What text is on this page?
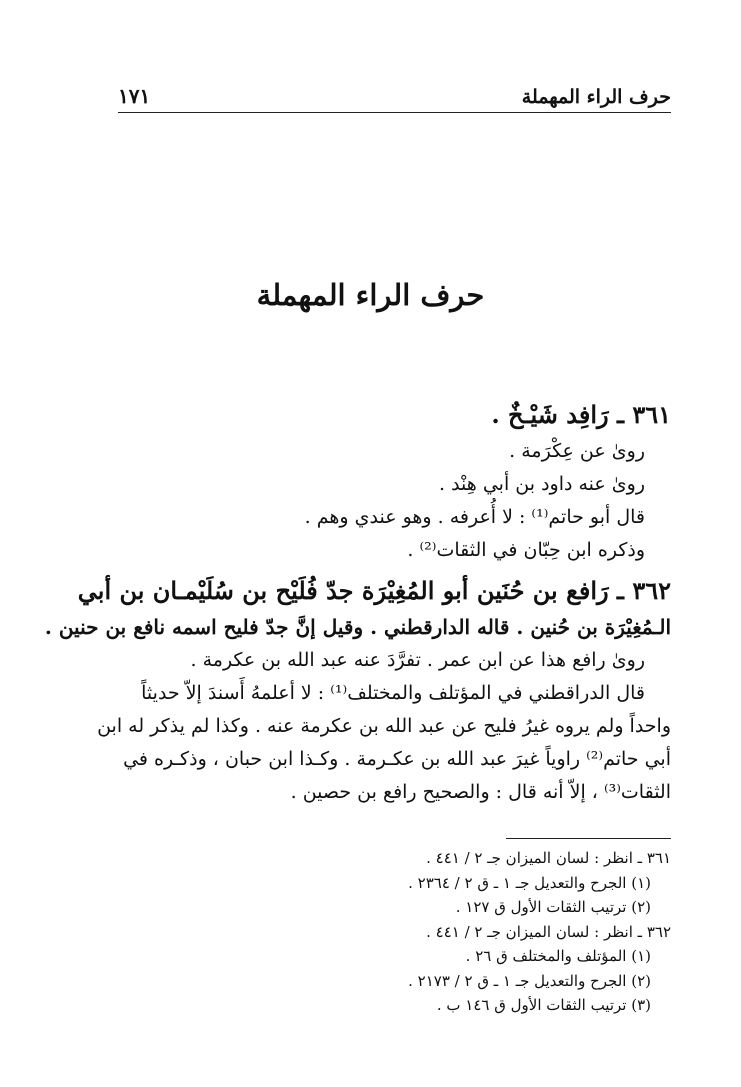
١٧١	حرف الراء المهملة
حرف الراء المهملة
٣٦١ ـ رَافِد شَيْـخٌ .
روىٰ عن عِكْرَمة .
روىٰ عنه داود بن أبي هِنْد .
قال أبو حاتم⁽¹⁾ : لا أُعرفه . وهو عندي وهم .
وذكره ابن حِبّان في الثقات⁽²⁾ .
٣٦٢ ـ رَافع بن حُنَين أبو المُغِيْرَة جدّ فُلَيْح بن سُلَيْمـان بن أبي
الـمُغِيْرَة بن حُنين . قاله الدارقطني . وقيل إنَّ جدّ فليح اسمه نافع بن حنين .
روىٰ رافع هذا عن ابن عمر . تفرَّدَ عنه عبد الله بن عكرمة .
قال الدراقطني في المؤتلف والمختلف⁽¹⁾ : لا أعلمهُ أَسندَ إلاّ حديثاً
واحداً ولم يروه غيرُ فليح عن عبد الله بن عكرمة عنه . وكذا لم يذكر له ابن
أبي حاتم⁽²⁾ راوياً غيرَ عبد الله بن عكـرمة . وكـذا ابن حبان ، وذكـره في
الثقات⁽³⁾ ، إلاّ أنه قال : والصحيح رافع بن حصين .
٣٦١ ـ انظر : لسان الميزان جـ ٢ / ٤٤١ .
(١) الجرح والتعديل جـ ١ ـ ق ٢ / ٢٣٦٤ .
(٢) ترتيب الثقات الأول ق ١٢٧ .
٣٦٢ ـ انظر : لسان الميزان جـ ٢ / ٤٤١ .
(١) المؤتلف والمختلف ق ٢٦ .
(٢) الجرح والتعديل جـ ١ ـ ق ٢ / ٢١٧٣ .
(٣) ترتيب الثقات الأول ق ١٤٦ ب .
